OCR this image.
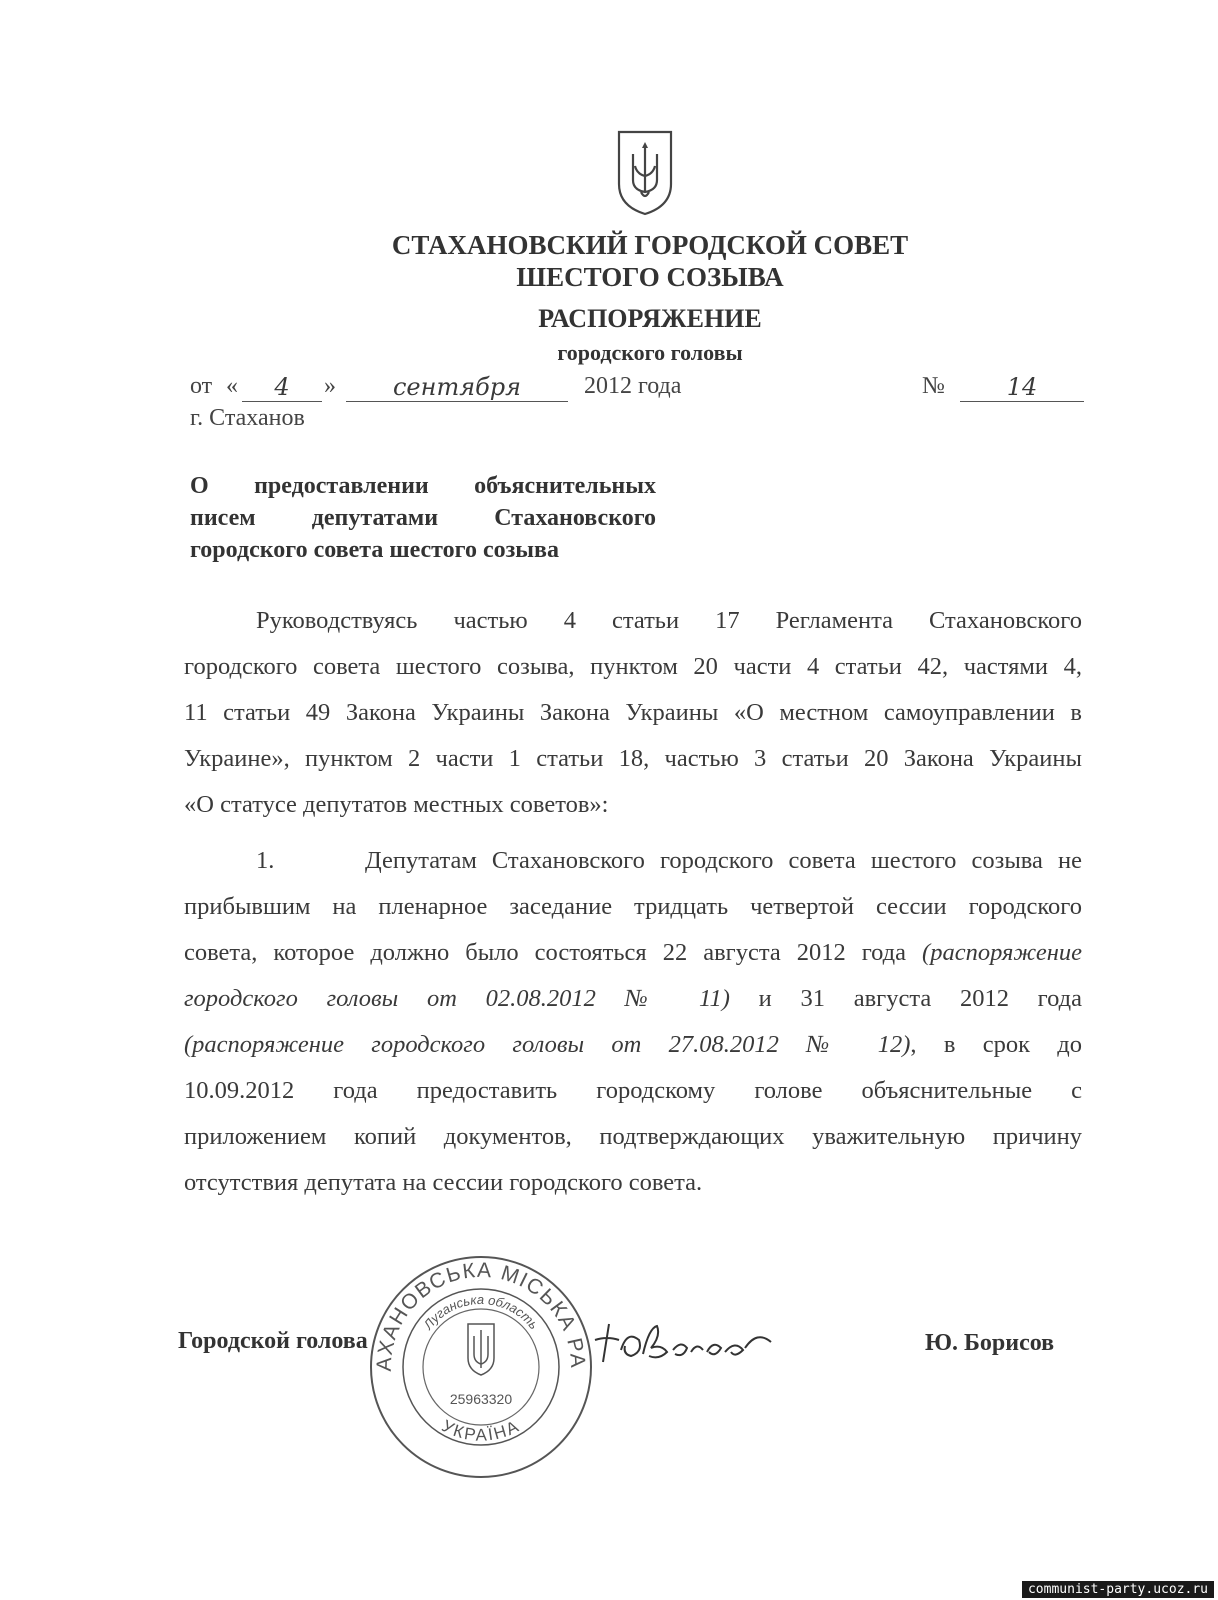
СТАХАНОВСКИЙ ГОРОДСКОЙ СОВЕТ
ШЕСТОГО СОЗЫВА
РАСПОРЯЖЕНИЕ
городского головы
от «	4	»	сентября	2012 года	№	14
г. Стаханов
О предоставлении объяснительных
писем депутатами Стахановского
городского совета шестого созыва
Руководствуясь частью 4 статьи 17 Регламента Стахановского
городского совета шестого созыва, пунктом 20 части 4 статьи 42, частями 4,
11 статьи 49 Закона Украины Закона Украины «О местном самоуправлении в
Украине», пунктом 2 части 1 статьи 18, частью 3 статьи 20 Закона Украины
«О статусе депутатов местных советов»:
1.      Депутатам Стахановского городского совета шестого созыва не
прибывшим на пленарное заседание тридцать четвертой сессии городского
совета, которое должно было состояться 22 августа 2012 года (распоряжение
городского головы от 02.08.2012 № 11) и 31 августа 2012 года
(распоряжение городского головы от 27.08.2012 № 12), в срок до
10.09.2012 года предоставить городскому голове объяснительные с
приложением копий документов, подтверждающих уважительную причину
отсутствия депутата на сессии городского совета.
Городской голова
АХАНОВСЬКА МІСЬКА РА
Луганська область
25963320
УКРАЇНА
Ю. Борисов
communist-party.ucoz.ru
